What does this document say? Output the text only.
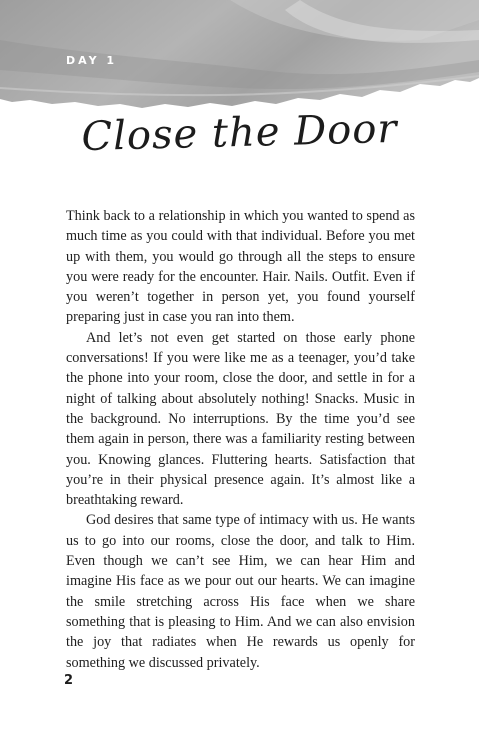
DAY 1
Close the Door

Think back to a relationship in which you wanted to spend as much time as you could with that individual. Before you met up with them, you would go through all the steps to ensure you were ready for the encounter. Hair. Nails. Outfit. Even if you weren’t together in person yet, you found yourself preparing just in case you ran into them.

And let’s not even get started on those early phone conversations! If you were like me as a teenager, you’d take the phone into your room, close the door, and settle in for a night of talking about absolutely nothing! Snacks. Music in the background. No interruptions. By the time you’d see them again in person, there was a familiarity resting between you. Knowing glances. Fluttering hearts. Satisfaction that you’re in their physical presence again. It’s almost like a breathtaking reward.

God desires that same type of intimacy with us. He wants us to go into our rooms, close the door, and talk to Him. Even though we can’t see Him, we can hear Him and imagine His face as we pour out our hearts. We can imagine the smile stretching across His face when we share something that is pleasing to Him. And we can also envision the joy that radiates when He rewards us openly for something we discussed privately.

2
